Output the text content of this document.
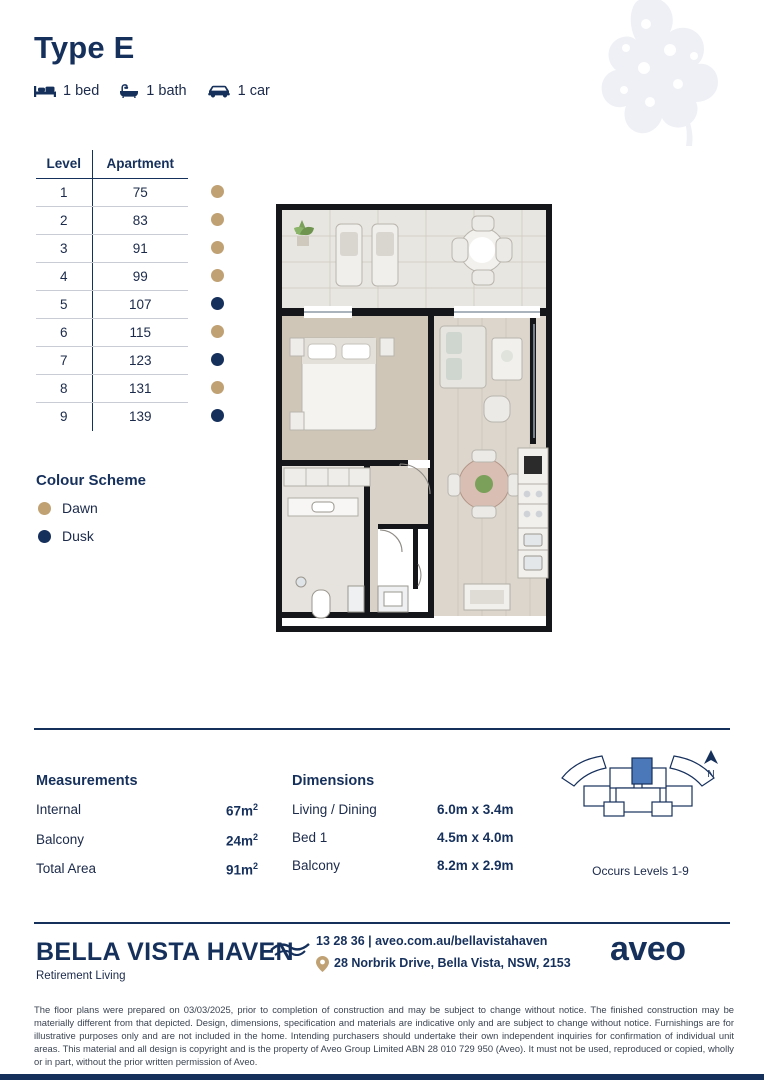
Type E
1 bed	1 bath	1 car
Level	Apartment	
1	75	
2	83	
3	91	
4	99	
5	107	
6	115	
7	123	
8	131	
9	139	
Colour Scheme
Dawn
Dusk
Measurements
Internal	$67m^2$
Balcony	$24m^2$
Total Area	$91m^2$
Dimensions
Living / Dining	6.0m x 3.4m
Bed 1	4.5m x 4.0m
Balcony	8.2m x 2.9m
N
Occurs Levels 1-9
BELLA VISTA HAVEN
Retirement Living
13 28 36 | aveo.com.au/bellavistahaven
28 Norbrik Drive, Bella Vista, NSW, 2153 aveo
The floor plans were prepared on 03/03/2025, prior to completion of construction and may be subject to change without notice. The finished construction may be materially different from that depicted. Design, dimensions, specification and materials are indicative only and are subject to change without notice. Furnishings are for illustrative purposes only and are not included in the home. Intending purchasers should undertake their own independent inquiries for confirmation of individual unit areas. This material and all design is copyright and is the property of Aveo Group Limited ABN 28 010 729 950 (Aveo). It must not be used, reproduced or copied, wholly or in part, without the prior written permission of Aveo.
